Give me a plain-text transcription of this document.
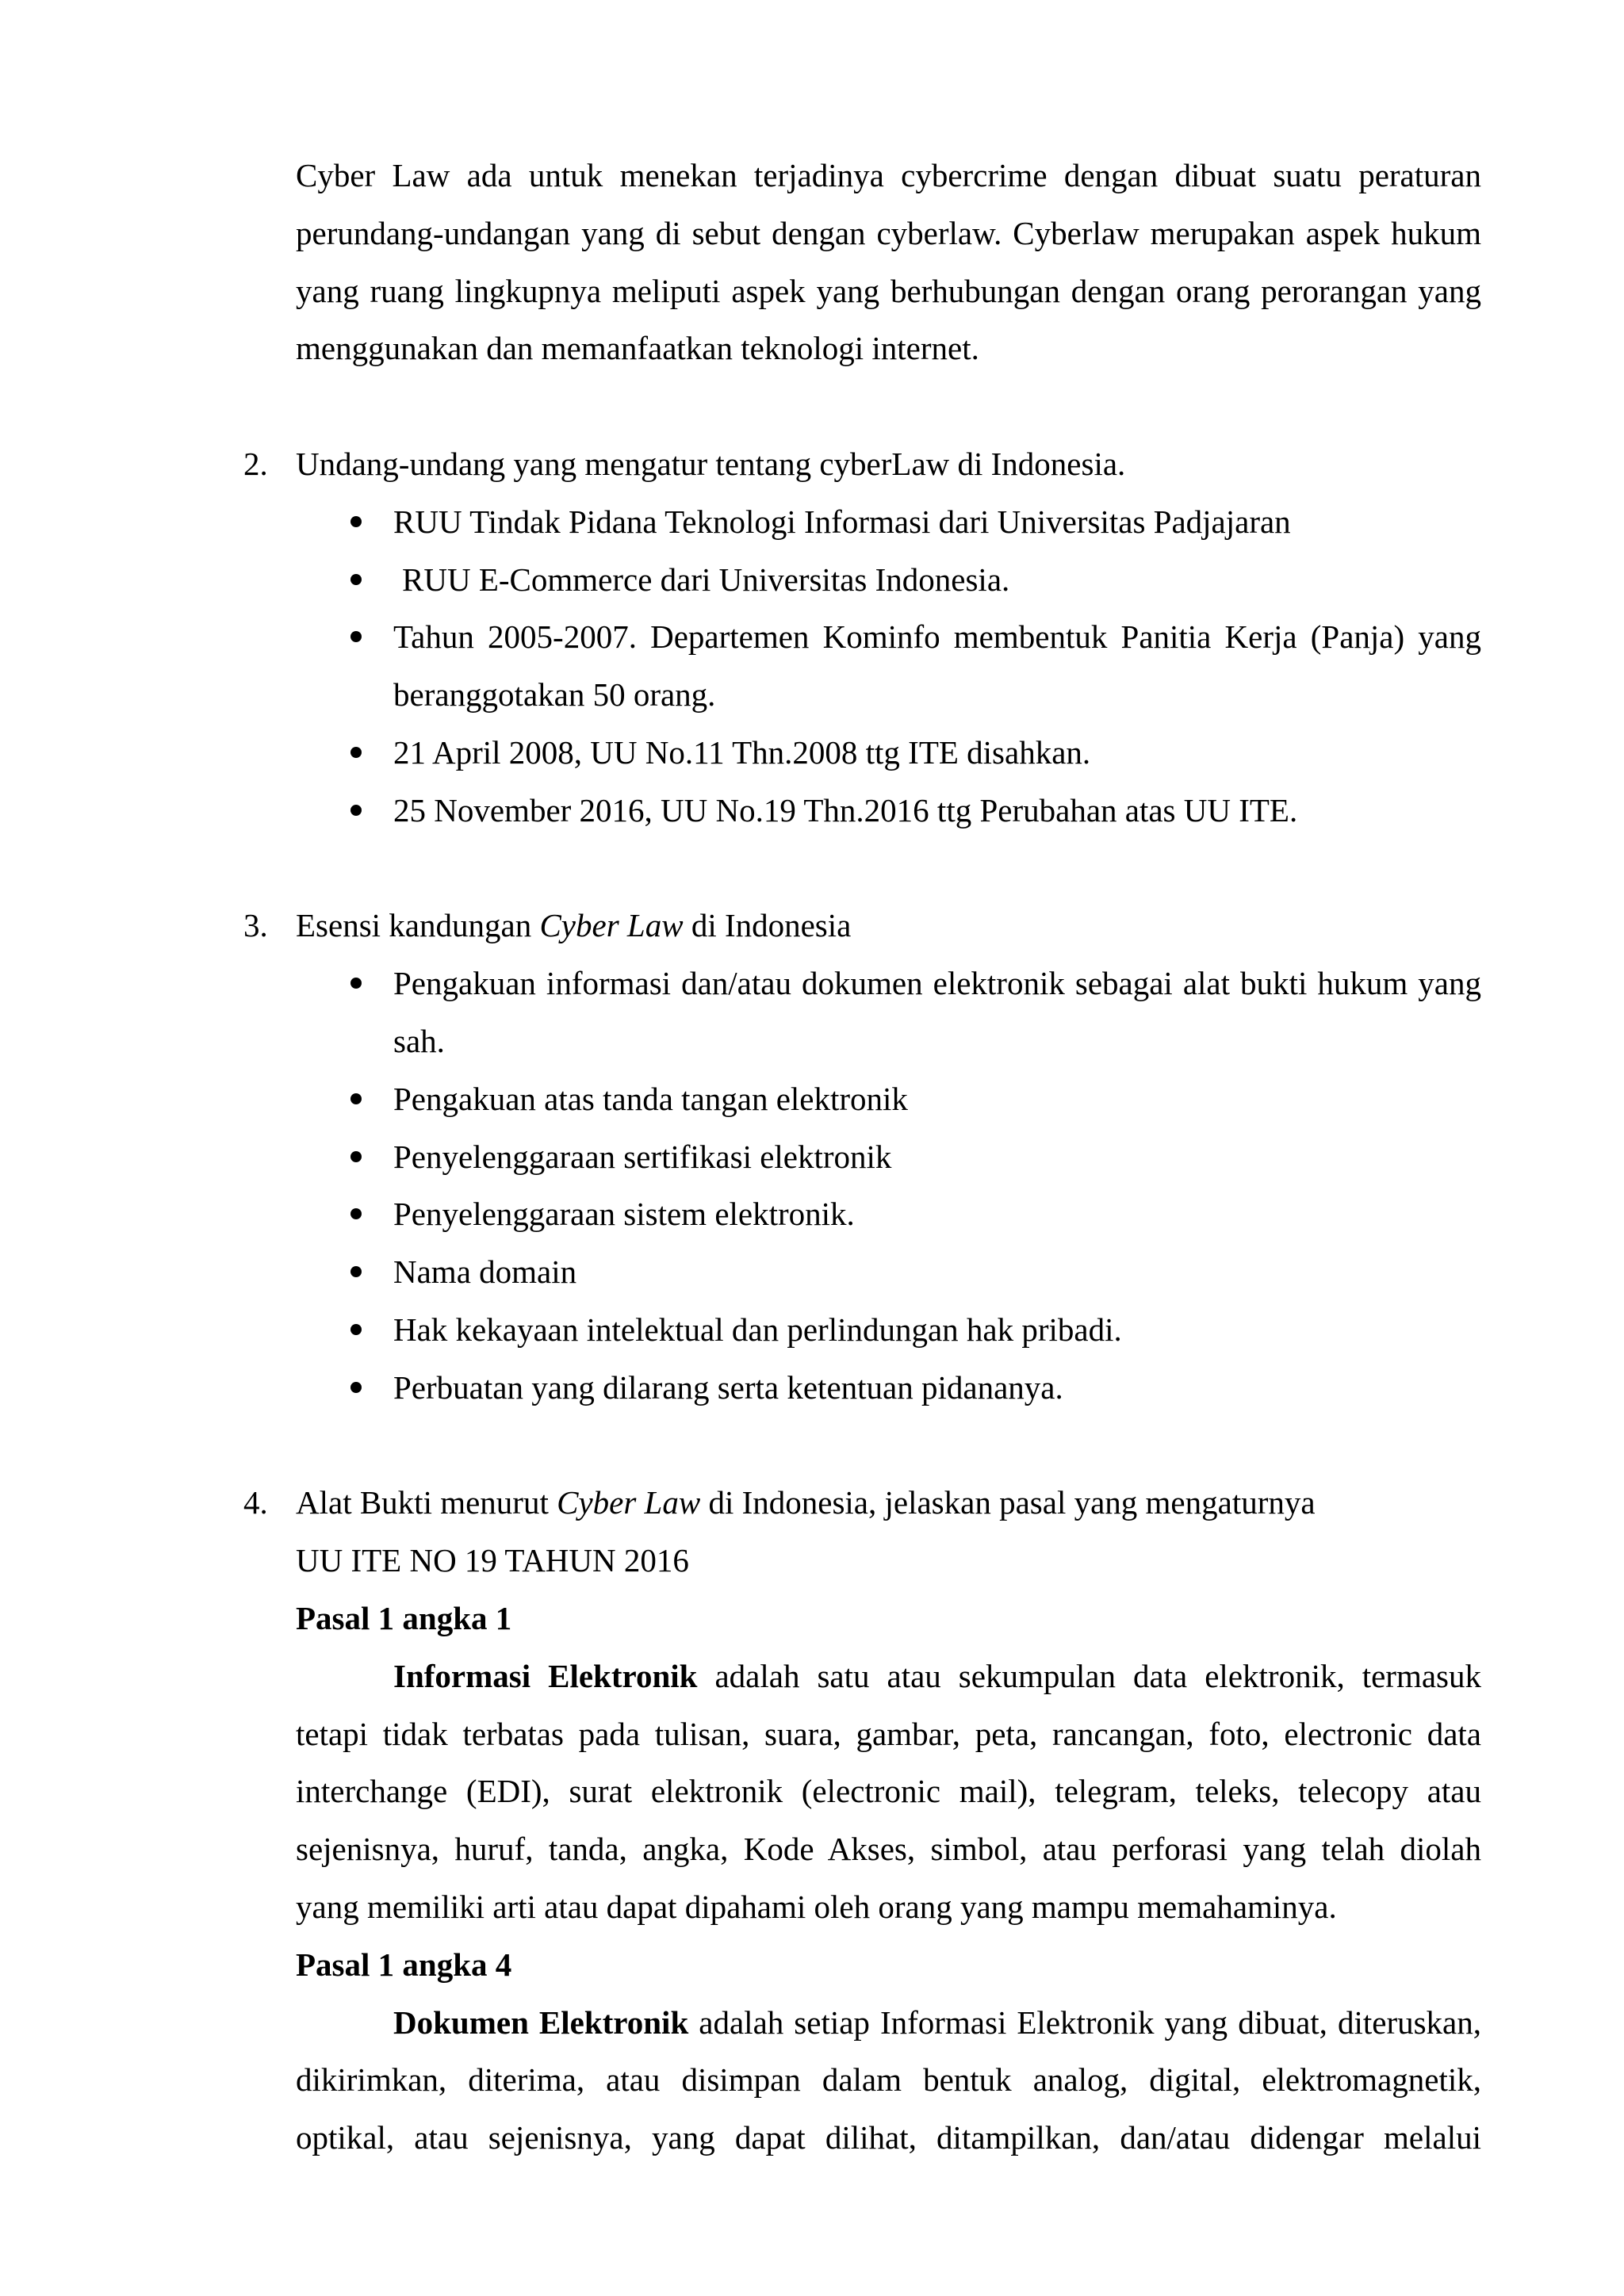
Cyber Law ada untuk menekan terjadinya cybercrime dengan dibuat suatu peraturan
perundang-undangan yang di sebut dengan cyberlaw. Cyberlaw merupakan aspek hukum
yang ruang lingkupnya meliputi aspek yang berhubungan dengan orang perorangan yang
menggunakan dan memanfaatkan teknologi internet.
2. Undang-undang yang mengatur tentang cyberLaw di Indonesia.
RUU Tindak Pidana Teknologi Informasi dari Universitas Padjajaran
RUU E-Commerce dari Universitas Indonesia.
Tahun 2005-2007. Departemen Kominfo membentuk Panitia Kerja (Panja) yang
beranggotakan 50 orang.
21 April 2008, UU No.11 Thn.2008 ttg ITE disahkan.
25 November 2016, UU No.19 Thn.2016 ttg Perubahan atas UU ITE.
3. Esensi kandungan Cyber Law di Indonesia
Pengakuan informasi dan/atau dokumen elektronik sebagai alat bukti hukum yang
sah.
Pengakuan atas tanda tangan elektronik
Penyelenggaraan sertifikasi elektronik
Penyelenggaraan sistem elektronik.
Nama domain
Hak kekayaan intelektual dan perlindungan hak pribadi.
Perbuatan yang dilarang serta ketentuan pidananya.
4. Alat Bukti menurut Cyber Law di Indonesia, jelaskan pasal yang mengaturnya
UU ITE NO 19 TAHUN 2016
Pasal 1 angka 1
Informasi Elektronik adalah satu atau sekumpulan data elektronik, termasuk
tetapi tidak terbatas pada tulisan, suara, gambar, peta, rancangan, foto, electronic data
interchange (EDI), surat elektronik (electronic mail), telegram, teleks, telecopy atau
sejenisnya, huruf, tanda, angka, Kode Akses, simbol, atau perforasi yang telah diolah
yang memiliki arti atau dapat dipahami oleh orang yang mampu memahaminya.
Pasal 1 angka 4
Dokumen Elektronik adalah setiap Informasi Elektronik yang dibuat, diteruskan,
dikirimkan, diterima, atau disimpan dalam bentuk analog, digital, elektromagnetik,
optikal, atau sejenisnya, yang dapat dilihat, ditampilkan, dan/atau didengar melalui
